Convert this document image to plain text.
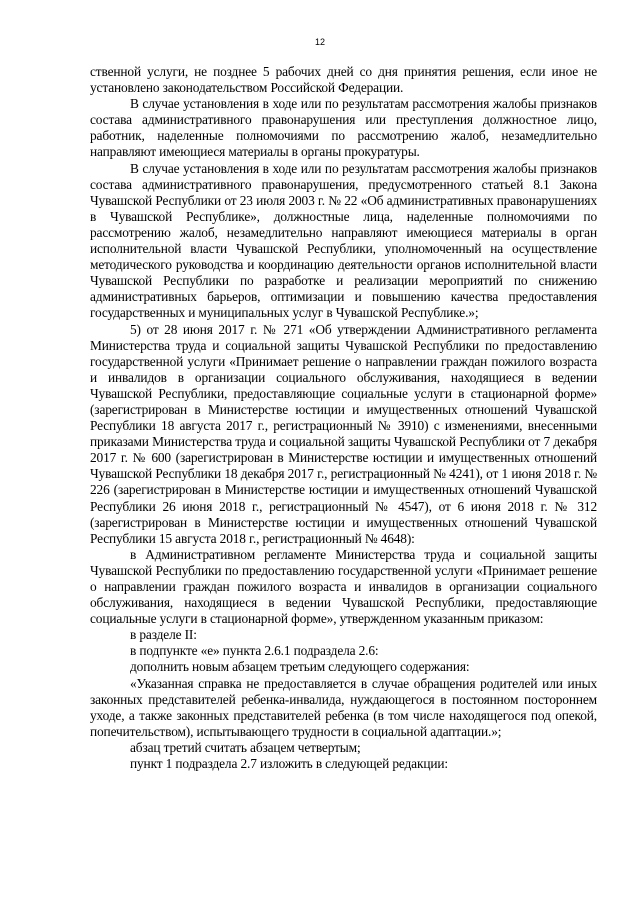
12

ственной услуги, не позднее 5 рабочих дней со дня принятия решения, если иное не установлено законодательством Российской Федерации.

В случае установления в ходе или по результатам рассмотрения жалобы признаков состава административного правонарушения или преступления должностное лицо, работник, наделенные полномочиями по рассмотрению жалоб, незамедлительно направляют имеющиеся материалы в органы прокуратуры.

В случае установления в ходе или по результатам рассмотрения жалобы признаков состава административного правонарушения, предусмотренного статьей 8.1 Закона Чувашской Республики от 23 июля 2003 г. № 22 «Об административных правонарушениях в Чувашской Республике», должностные лица, наделенные полномочиями по рассмотрению жалоб, незамедлительно направляют имеющиеся материалы в орган исполнительной власти Чувашской Республики, уполномоченный на осуществление методического руководства и координацию деятельности органов исполнительной власти Чувашской Республики по разработке и реализации мероприятий по снижению административных барьеров, оптимизации и повышению качества предоставления государственных и муниципальных услуг в Чувашской Республике.»;

5) от 28 июня 2017 г. № 271 «Об утверждении Административного регламента Министерства труда и социальной защиты Чувашской Республики по предоставлению государственной услуги «Принимает решение о направлении граждан пожилого возраста и инвалидов в организации социального обслуживания, находящиеся в ведении Чувашской Республики, предоставляющие социальные услуги в стационарной форме» (зарегистрирован в Министерстве юстиции и имущественных отношений Чувашской Республики 18 августа 2017 г., регистрационный № 3910) с изменениями, внесенными приказами Министерства труда и социальной защиты Чувашской Республики от 7 декабря 2017 г. № 600 (зарегистрирован в Министерстве юстиции и имущественных отношений Чувашской Республики 18 декабря 2017 г., регистрационный № 4241), от 1 июня 2018 г. № 226 (зарегистрирован в Министерстве юстиции и имущественных отношений Чувашской Республики 26 июня 2018 г., регистрационный № 4547), от 6 июня 2018 г. № 312 (зарегистрирован в Министерстве юстиции и имущественных отношений Чувашской Республики 15 августа 2018 г., регистрационный № 4648):

в Административном регламенте Министерства труда и социальной защиты Чувашской Республики по предоставлению государственной услуги «Принимает решение о направлении граждан пожилого возраста и инвалидов в организации социального обслуживания, находящиеся в ведении Чувашской Республики, предоставляющие социальные услуги в стационарной форме», утвержденном указанным приказом:

в разделе II:

в подпункте «е» пункта 2.6.1 подраздела 2.6:

дополнить новым абзацем третьим следующего содержания:

«Указанная справка не предоставляется в случае обращения родителей или иных законных представителей ребенка-инвалида, нуждающегося в постоянном постороннем уходе, а также законных представителей ребенка (в том числе находящегося под опекой, попечительством), испытывающего трудности в социальной адаптации.»;

абзац третий считать абзацем четвертым;

пункт 1 подраздела 2.7 изложить в следующей редакции:
